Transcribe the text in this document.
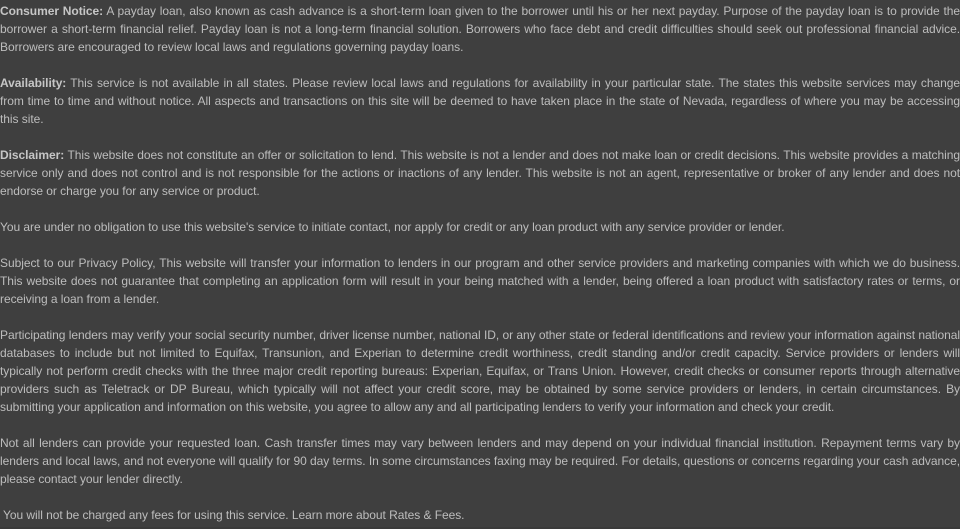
Consumer Notice: A payday loan, also known as cash advance is a short-term loan given to the borrower until his or her next payday. Purpose of the payday loan is to provide the borrower a short-term financial relief. Payday loan is not a long-term financial solution. Borrowers who face debt and credit difficulties should seek out professional financial advice. Borrowers are encouraged to review local laws and regulations governing payday loans.

Availability: This service is not available in all states. Please review local laws and regulations for availability in your particular state. The states this website services may change from time to time and without notice. All aspects and transactions on this site will be deemed to have taken place in the state of Nevada, regardless of where you may be accessing this site.

Disclaimer: This website does not constitute an offer or solicitation to lend. This website is not a lender and does not make loan or credit decisions. This website provides a matching service only and does not control and is not responsible for the actions or inactions of any lender. This website is not an agent, representative or broker of any lender and does not endorse or charge you for any service or product.

You are under no obligation to use this website's service to initiate contact, nor apply for credit or any loan product with any service provider or lender.

Subject to our Privacy Policy, This website will transfer your information to lenders in our program and other service providers and marketing companies with which we do business. This website does not guarantee that completing an application form will result in your being matched with a lender, being offered a loan product with satisfactory rates or terms, or receiving a loan from a lender.

Participating lenders may verify your social security number, driver license number, national ID, or any other state or federal identifications and review your information against national databases to include but not limited to Equifax, Transunion, and Experian to determine credit worthiness, credit standing and/or credit capacity. Service providers or lenders will typically not perform credit checks with the three major credit reporting bureaus: Experian, Equifax, or Trans Union. However, credit checks or consumer reports through alternative providers such as Teletrack or DP Bureau, which typically will not affect your credit score, may be obtained by some service providers or lenders, in certain circumstances. By submitting your application and information on this website, you agree to allow any and all participating lenders to verify your information and check your credit.

Not all lenders can provide your requested loan. Cash transfer times may vary between lenders and may depend on your individual financial institution. Repayment terms vary by lenders and local laws, and not everyone will qualify for 90 day terms. In some circumstances faxing may be required. For details, questions or concerns regarding your cash advance, please contact your lender directly.

You will not be charged any fees for using this service. Learn more about Rates & Fees.
